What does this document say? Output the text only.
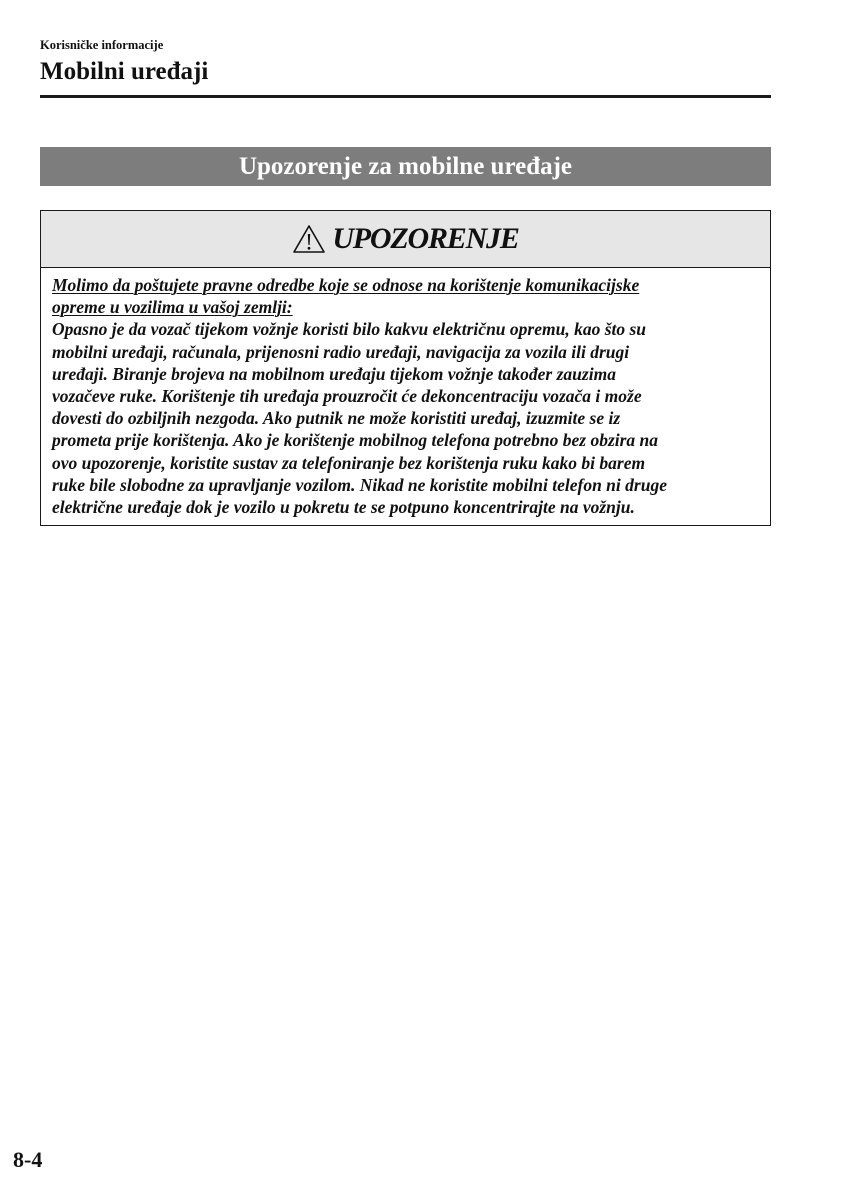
Korisničke informacije
Mobilni uređaji
Upozorenje za mobilne uređaje
UPOZORENJE
Molimo da poštujete pravne odredbe koje se odnose na korištenje komunikacijske
opreme u vozilima u vašoj zemlji:
Opasno je da vozač tijekom vožnje koristi bilo kakvu električnu opremu, kao što su
mobilni uređaji, računala, prijenosni radio uređaji, navigacija za vozila ili drugi
uređaji. Biranje brojeva na mobilnom uređaju tijekom vožnje također zauzima
vozačeve ruke. Korištenje tih uređaja prouzročit će dekoncentraciju vozača i može
dovesti do ozbiljnih nezgoda. Ako putnik ne može koristiti uređaj, izuzmite se iz
prometa prije korištenja. Ako je korištenje mobilnog telefona potrebno bez obzira na
ovo upozorenje, koristite sustav za telefoniranje bez korištenja ruku kako bi barem
ruke bile slobodne za upravljanje vozilom. Nikad ne koristite mobilni telefon ni druge
električne uređaje dok je vozilo u pokretu te se potpuno koncentrirajte na vožnju.
8-4
